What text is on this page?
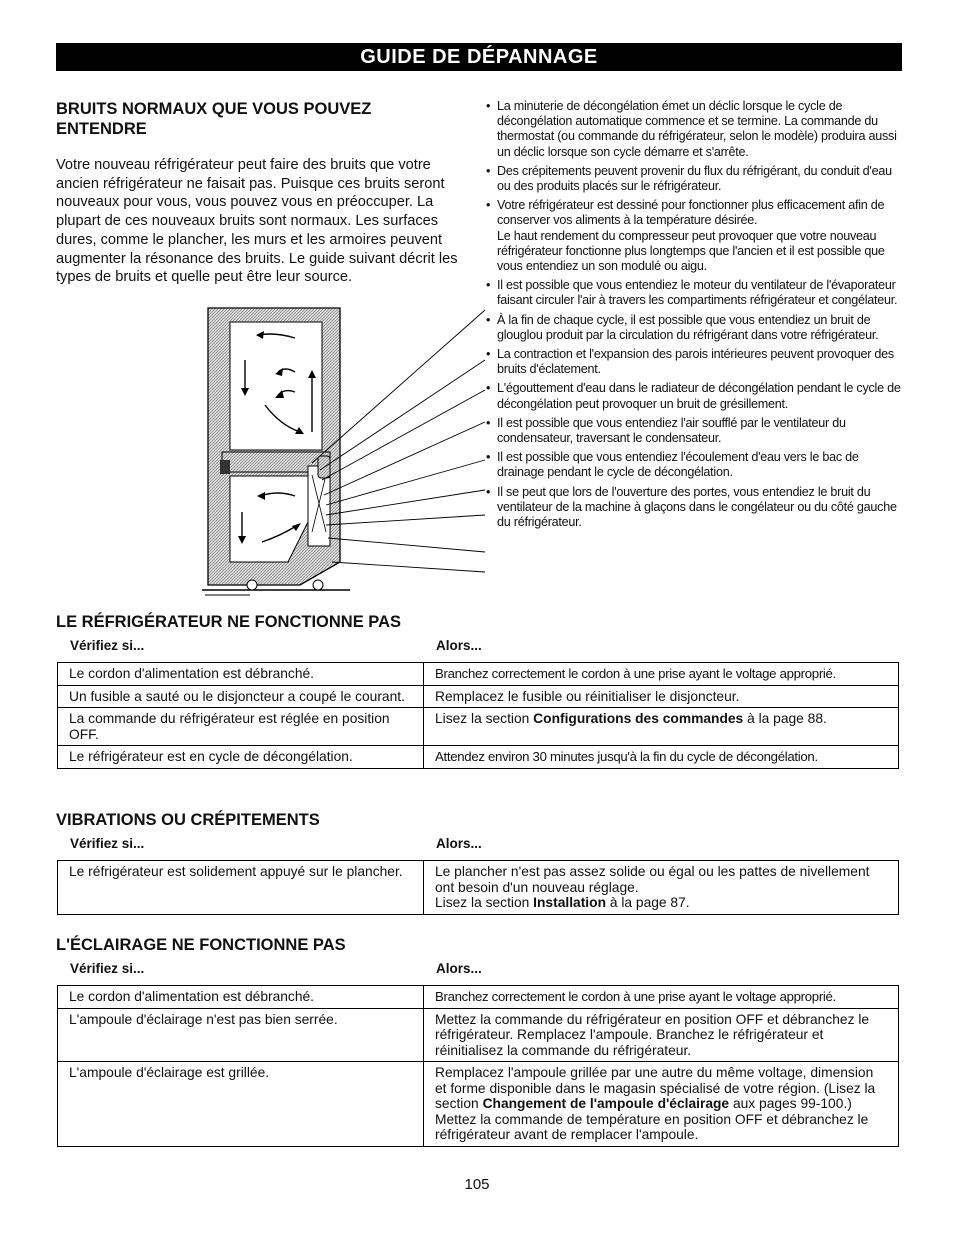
GUIDE DE DÉPANNAGE
BRUITS NORMAUX QUE VOUS POUVEZ
ENTENDRE
Votre nouveau réfrigérateur peut faire des bruits que votre ancien réfrigérateur ne faisait pas. Puisque ces bruits seront nouveaux pour vous, vous pouvez vous en préoccuper. La plupart de ces nouveaux bruits sont normaux. Les surfaces dures, comme le plancher, les murs et les armoires peuvent augmenter la résonance des bruits. Le guide suivant décrit les types de bruits et quelle peut être leur source.
• La minuterie de décongélation émet un déclic lorsque le cycle de décongélation automatique commence et se termine. La commande du thermostat (ou commande du réfrigérateur, selon le modèle) produira aussi un déclic lorsque son cycle démarre et s'arrête.
• Des crépitements peuvent provenir du flux du réfrigérant, du conduit d'eau ou des produits placés sur le réfrigérateur.
• Votre réfrigérateur est dessiné pour fonctionner plus efficacement afin de conserver vos aliments à la température désirée.
Le haut rendement du compresseur peut provoquer que votre nouveau réfrigérateur fonctionne plus longtemps que l'ancien et il est possible que vous entendiez un son modulé ou aigu.
• Il est possible que vous entendiez le moteur du ventilateur de l'évaporateur faisant circuler l'air à travers les compartiments réfrigérateur et congélateur.
• À la fin de chaque cycle, il est possible que vous entendiez un bruit de glouglou produit par la circulation du réfrigérant dans votre réfrigérateur.
• La contraction et l'expansion des parois intérieures peuvent provoquer des bruits d'éclatement.
• L'égouttement d'eau dans le radiateur de décongélation pendant le cycle de décongélation peut provoquer un bruit de grésillement.
• Il est possible que vous entendiez l'air soufflé par le ventilateur du condensateur, traversant le condensateur.
• Il est possible que vous entendiez l'écoulement d'eau vers le bac de drainage pendant le cycle de décongélation.
• Il se peut que lors de l'ouverture des portes, vous entendiez le bruit du ventilateur de la machine à glaçons dans le congélateur ou du côté gauche du réfrigérateur.
LE RÉFRIGÉRATEUR NE FONCTIONNE PAS
Vérifiez si...	Alors...
Le cordon d'alimentation est débranché.	Branchez correctement le cordon à une prise ayant le voltage approprié.
Un fusible a sauté ou le disjoncteur a coupé le courant.	Remplacez le fusible ou réinitialiser le disjoncteur.
La commande du réfrigérateur est réglée en position OFF.	Lisez la section Configurations des commandes à la page 88.
Le réfrigérateur est en cycle de décongélation.	Attendez environ 30 minutes jusqu'à la fin du cycle de décongélation.
VIBRATIONS OU CRÉPITEMENTS
Vérifiez si...	Alors...
Le réfrigérateur est solidement appuyé sur le plancher.	Le plancher n'est pas assez solide ou égal ou les pattes de nivellement ont besoin d'un nouveau réglage.
Lisez la section Installation à la page 87.
L'ÉCLAIRAGE NE FONCTIONNE PAS
Vérifiez si...	Alors...
Le cordon d'alimentation est débranché.	Branchez correctement le cordon à une prise ayant le voltage approprié.
L'ampoule d'éclairage n'est pas bien serrée.	Mettez la commande du réfrigérateur en position OFF et débranchez le réfrigérateur. Remplacez l'ampoule. Branchez le réfrigérateur et réinitialisez la commande du réfrigérateur.
L'ampoule d'éclairage est grillée.	Remplacez l'ampoule grillée par une autre du même voltage, dimension et forme disponible dans le magasin spécialisé de votre région. (Lisez la section Changement de l'ampoule d'éclairage aux pages 99-100.)
Mettez la commande de température en position OFF et débranchez le réfrigérateur avant de remplacer l'ampoule.
105
